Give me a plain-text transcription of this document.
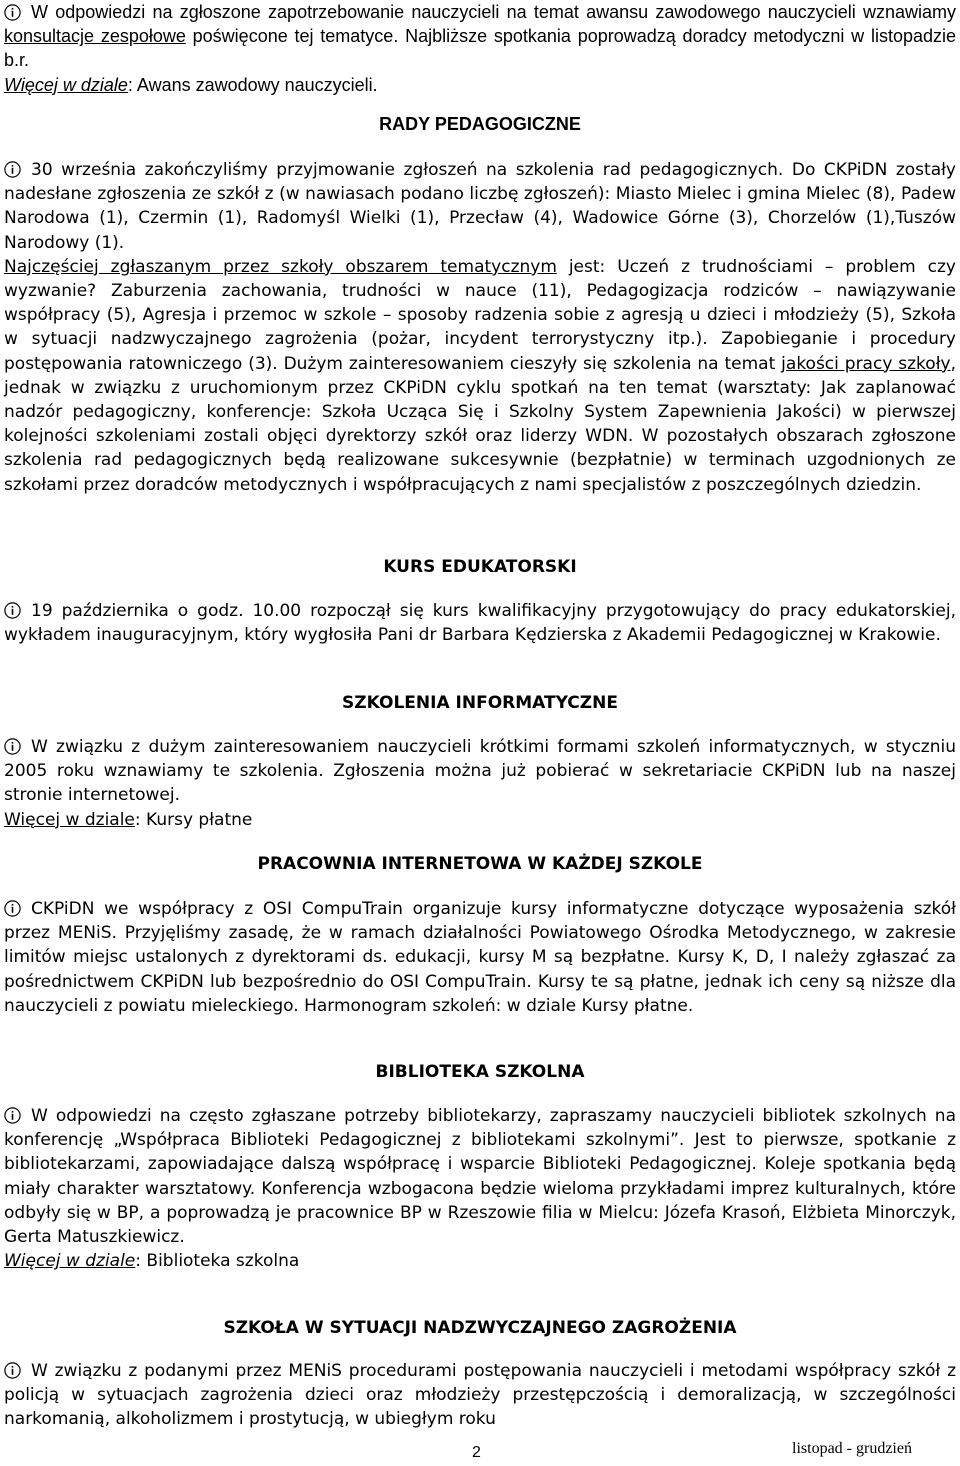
W odpowiedzi na zgłoszone zapotrzebowanie nauczycieli na temat awansu zawodowego nauczycieli wznawiamy konsultacje zespołowe poświęcone tej tematyce. Najbliższe spotkania poprowadzą doradcy metodyczni w listopadzie b.r.

Więcej w dziale: Awans zawodowy nauczycieli.

RADY PEDAGOGICZNE

30 września zakończyliśmy przyjmowanie zgłoszeń na szkolenia rad pedagogicznych. Do CKPiDN zostały nadesłane zgłoszenia ze szkół z (w nawiasach podano liczbę zgłoszeń): Miasto Mielec i gmina Mielec (8), Padew Narodowa (1), Czermin (1), Radomyśl Wielki (1), Przecław (4), Wadowice Górne (3), Chorzelów (1),Tuszów Narodowy (1).

Najczęściej zgłaszanym przez szkoły obszarem tematycznym jest: Uczeń z trudnościami – problem czy wyzwanie? Zaburzenia zachowania, trudności w nauce (11), Pedagogizacja rodziców – nawiązywanie współpracy (5), Agresja i przemoc w szkole – sposoby radzenia sobie z agresją u dzieci i młodzieży (5), Szkoła w sytuacji nadzwyczajnego zagrożenia (pożar, incydent terrorystyczny itp.). Zapobieganie i procedury postępowania ratowniczego (3). Dużym zainteresowaniem cieszyły się szkolenia na temat jakości pracy szkoły, jednak w związku z uruchomionym przez CKPiDN cyklu spotkań na ten temat (warsztaty: Jak zaplanować nadzór pedagogiczny, konferencje: Szkoła Ucząca Się i Szkolny System Zapewnienia Jakości) w pierwszej kolejności szkoleniami zostali objęci dyrektorzy szkół oraz liderzy WDN. W pozostałych obszarach zgłoszone szkolenia rad pedagogicznych będą realizowane sukcesywnie (bezpłatnie) w terminach uzgodnionych ze szkołami przez doradców metodycznych i współpracujących z nami specjalistów z poszczególnych dziedzin.

KURS EDUKATORSKI

19 października o godz. 10.00 rozpoczął się kurs kwalifikacyjny przygotowujący do pracy edukatorskiej, wykładem inauguracyjnym, który wygłosiła Pani dr Barbara Kędzierska z Akademii Pedagogicznej w Krakowie.

SZKOLENIA INFORMATYCZNE

W związku z dużym zainteresowaniem nauczycieli krótkimi formami szkoleń informatycznych, w styczniu 2005 roku wznawiamy te szkolenia. Zgłoszenia można już pobierać w sekretariacie CKPiDN lub na naszej stronie internetowej.

Więcej w dziale: Kursy płatne

PRACOWNIA INTERNETOWA W KAŻDEJ SZKOLE

CKPiDN we współpracy z OSI CompuTrain organizuje kursy informatyczne dotyczące wyposażenia szkół przez MENiS. Przyjęliśmy zasadę, że w ramach działalności Powiatowego Ośrodka Metodycznego, w zakresie limitów miejsc ustalonych z dyrektorami ds. edukacji, kursy M są bezpłatne. Kursy K, D, I należy zgłaszać za pośrednictwem CKPiDN lub bezpośrednio do OSI CompuTrain. Kursy te są płatne, jednak ich ceny są niższe dla nauczycieli z powiatu mieleckiego. Harmonogram szkoleń: w dziale Kursy płatne.

BIBLIOTEKA SZKOLNA

W odpowiedzi na często zgłaszane potrzeby bibliotekarzy, zapraszamy nauczycieli bibliotek szkolnych na konferencję „Współpraca Biblioteki Pedagogicznej z bibliotekami szkolnymi”. Jest to pierwsze, spotkanie z bibliotekarzami, zapowiadające dalszą współpracę i wsparcie Biblioteki Pedagogicznej. Koleje spotkania będą miały charakter warsztatowy. Konferencja wzbogacona będzie wieloma przykładami imprez kulturalnych, które odbyły się w BP, a poprowadzą je pracownice BP w Rzeszowie filia w Mielcu: Józefa Krasoń, Elżbieta Minorczyk, Gerta Matuszkiewicz.

Więcej w dziale: Biblioteka szkolna

SZKOŁA W SYTUACJI NADZWYCZAJNEGO ZAGROŻENIA

W związku z podanymi przez MENiS procedurami postępowania nauczycieli i metodami współpracy szkół z policją w sytuacjach zagrożenia dzieci oraz młodzieży przestępczością i demoralizacją, w szczególności narkomanią, alkoholizmem i prostytucją, w ubiegłym roku

2	listopad - grudzień
